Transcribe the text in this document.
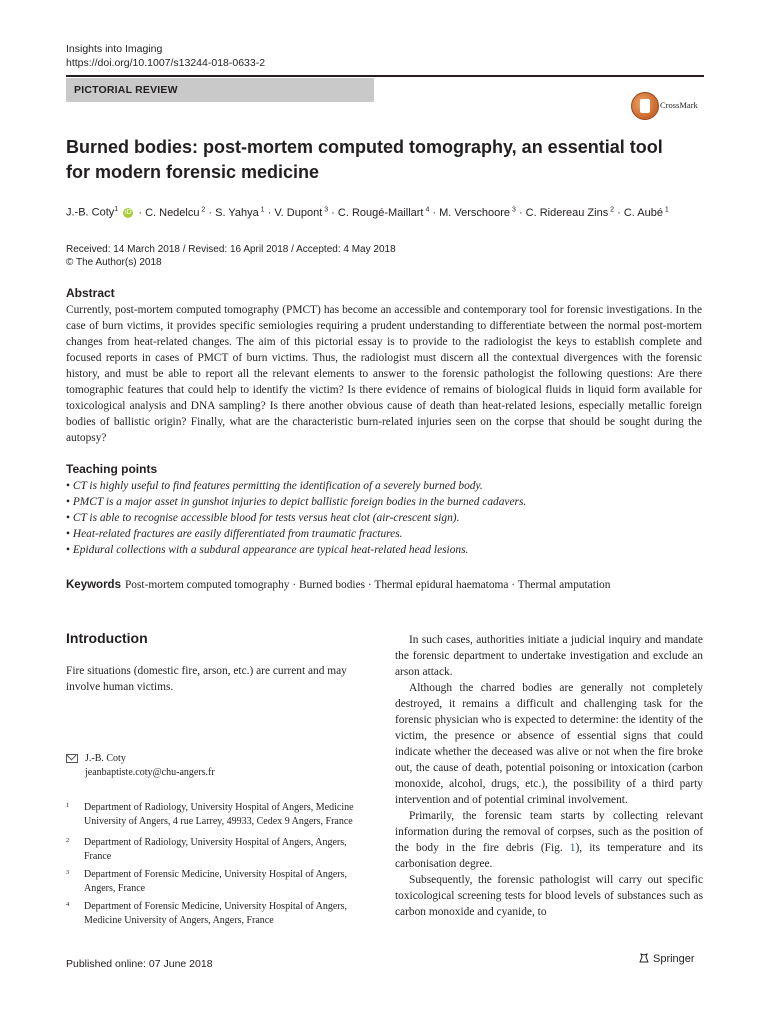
Insights into Imaging
https://doi.org/10.1007/s13244-018-0633-2
PICTORIAL REVIEW
CrossMark
Burned bodies: post-mortem computed tomography, an essential tool for modern forensic medicine
J.-B. Coty$^1$ iD · C. Nedelcu $^2$ · S. Yahya $^1$ · V. Dupont $^3$ · C. Rougé-Maillart $^4$ · M. Verschoore $^3$ · C. Ridereau Zins $^2$ · C. Aubé $^1$
Received: 14 March 2018 / Revised: 16 April 2018 / Accepted: 4 May 2018
© The Author(s) 2018
Abstract
Currently, post-mortem computed tomography (PMCT) has become an accessible and contemporary tool for forensic investigations. In the case of burn victims, it provides specific semiologies requiring a prudent understanding to differentiate between the normal post-mortem changes from heat-related changes. The aim of this pictorial essay is to provide to the radiologist the keys to establish complete and focused reports in cases of PMCT of burn victims. Thus, the radiologist must discern all the contextual divergences with the forensic history, and must be able to report all the relevant elements to answer to the forensic pathologist the following questions: Are there tomographic features that could help to identify the victim? Is there evidence of remains of biological fluids in liquid form available for toxicological analysis and DNA sampling? Is there another obvious cause of death than heat-related lesions, especially metallic foreign bodies of ballistic origin? Finally, what are the characteristic burn-related injuries seen on the corpse that should be sought during the autopsy?
Teaching points
• CT is highly useful to find features permitting the identification of a severely burned body.
• PMCT is a major asset in gunshot injuries to depict ballistic foreign bodies in the burned cadavers.
• CT is able to recognise accessible blood for tests versus heat clot (air-crescent sign).
• Heat-related fractures are easily differentiated from traumatic fractures.
• Epidural collections with a subdural appearance are typical heat-related head lesions.
Keywords Post-mortem computed tomography · Burned bodies · Thermal epidural haematoma · Thermal amputation
Introduction
Fire situations (domestic fire, arson, etc.) are current and may involve human victims.
J.-B. Coty
jeanbaptiste.coty@chu-angers.fr
1 Department of Radiology, University Hospital of Angers, Medicine University of Angers, 4 rue Larrey, 49933, Cedex 9 Angers, France
2 Department of Radiology, University Hospital of Angers, Angers, France
3 Department of Forensic Medicine, University Hospital of Angers, Angers, France
4 Department of Forensic Medicine, University Hospital of Angers, Medicine University of Angers, Angers, France

In such cases, authorities initiate a judicial inquiry and mandate the forensic department to undertake investigation and exclude an arson attack.

Although the charred bodies are generally not completely destroyed, it remains a difficult and challenging task for the forensic physician who is expected to determine: the identity of the victim, the presence or absence of essential signs that could indicate whether the deceased was alive or not when the fire broke out, the cause of death, potential poisoning or intoxication (carbon monoxide, alcohol, drugs, etc.), the possibility of a third party intervention and of potential criminal involvement.

Primarily, the forensic team starts by collecting relevant information during the removal of corpses, such as the position of the body in the fire debris (Fig. 1), its temperature and its carbonisation degree.

Subsequently, the forensic pathologist will carry out specific toxicological screening tests for blood levels of substances such as carbon monoxide and cyanide, to

Published online: 07 June 2018	Springer
